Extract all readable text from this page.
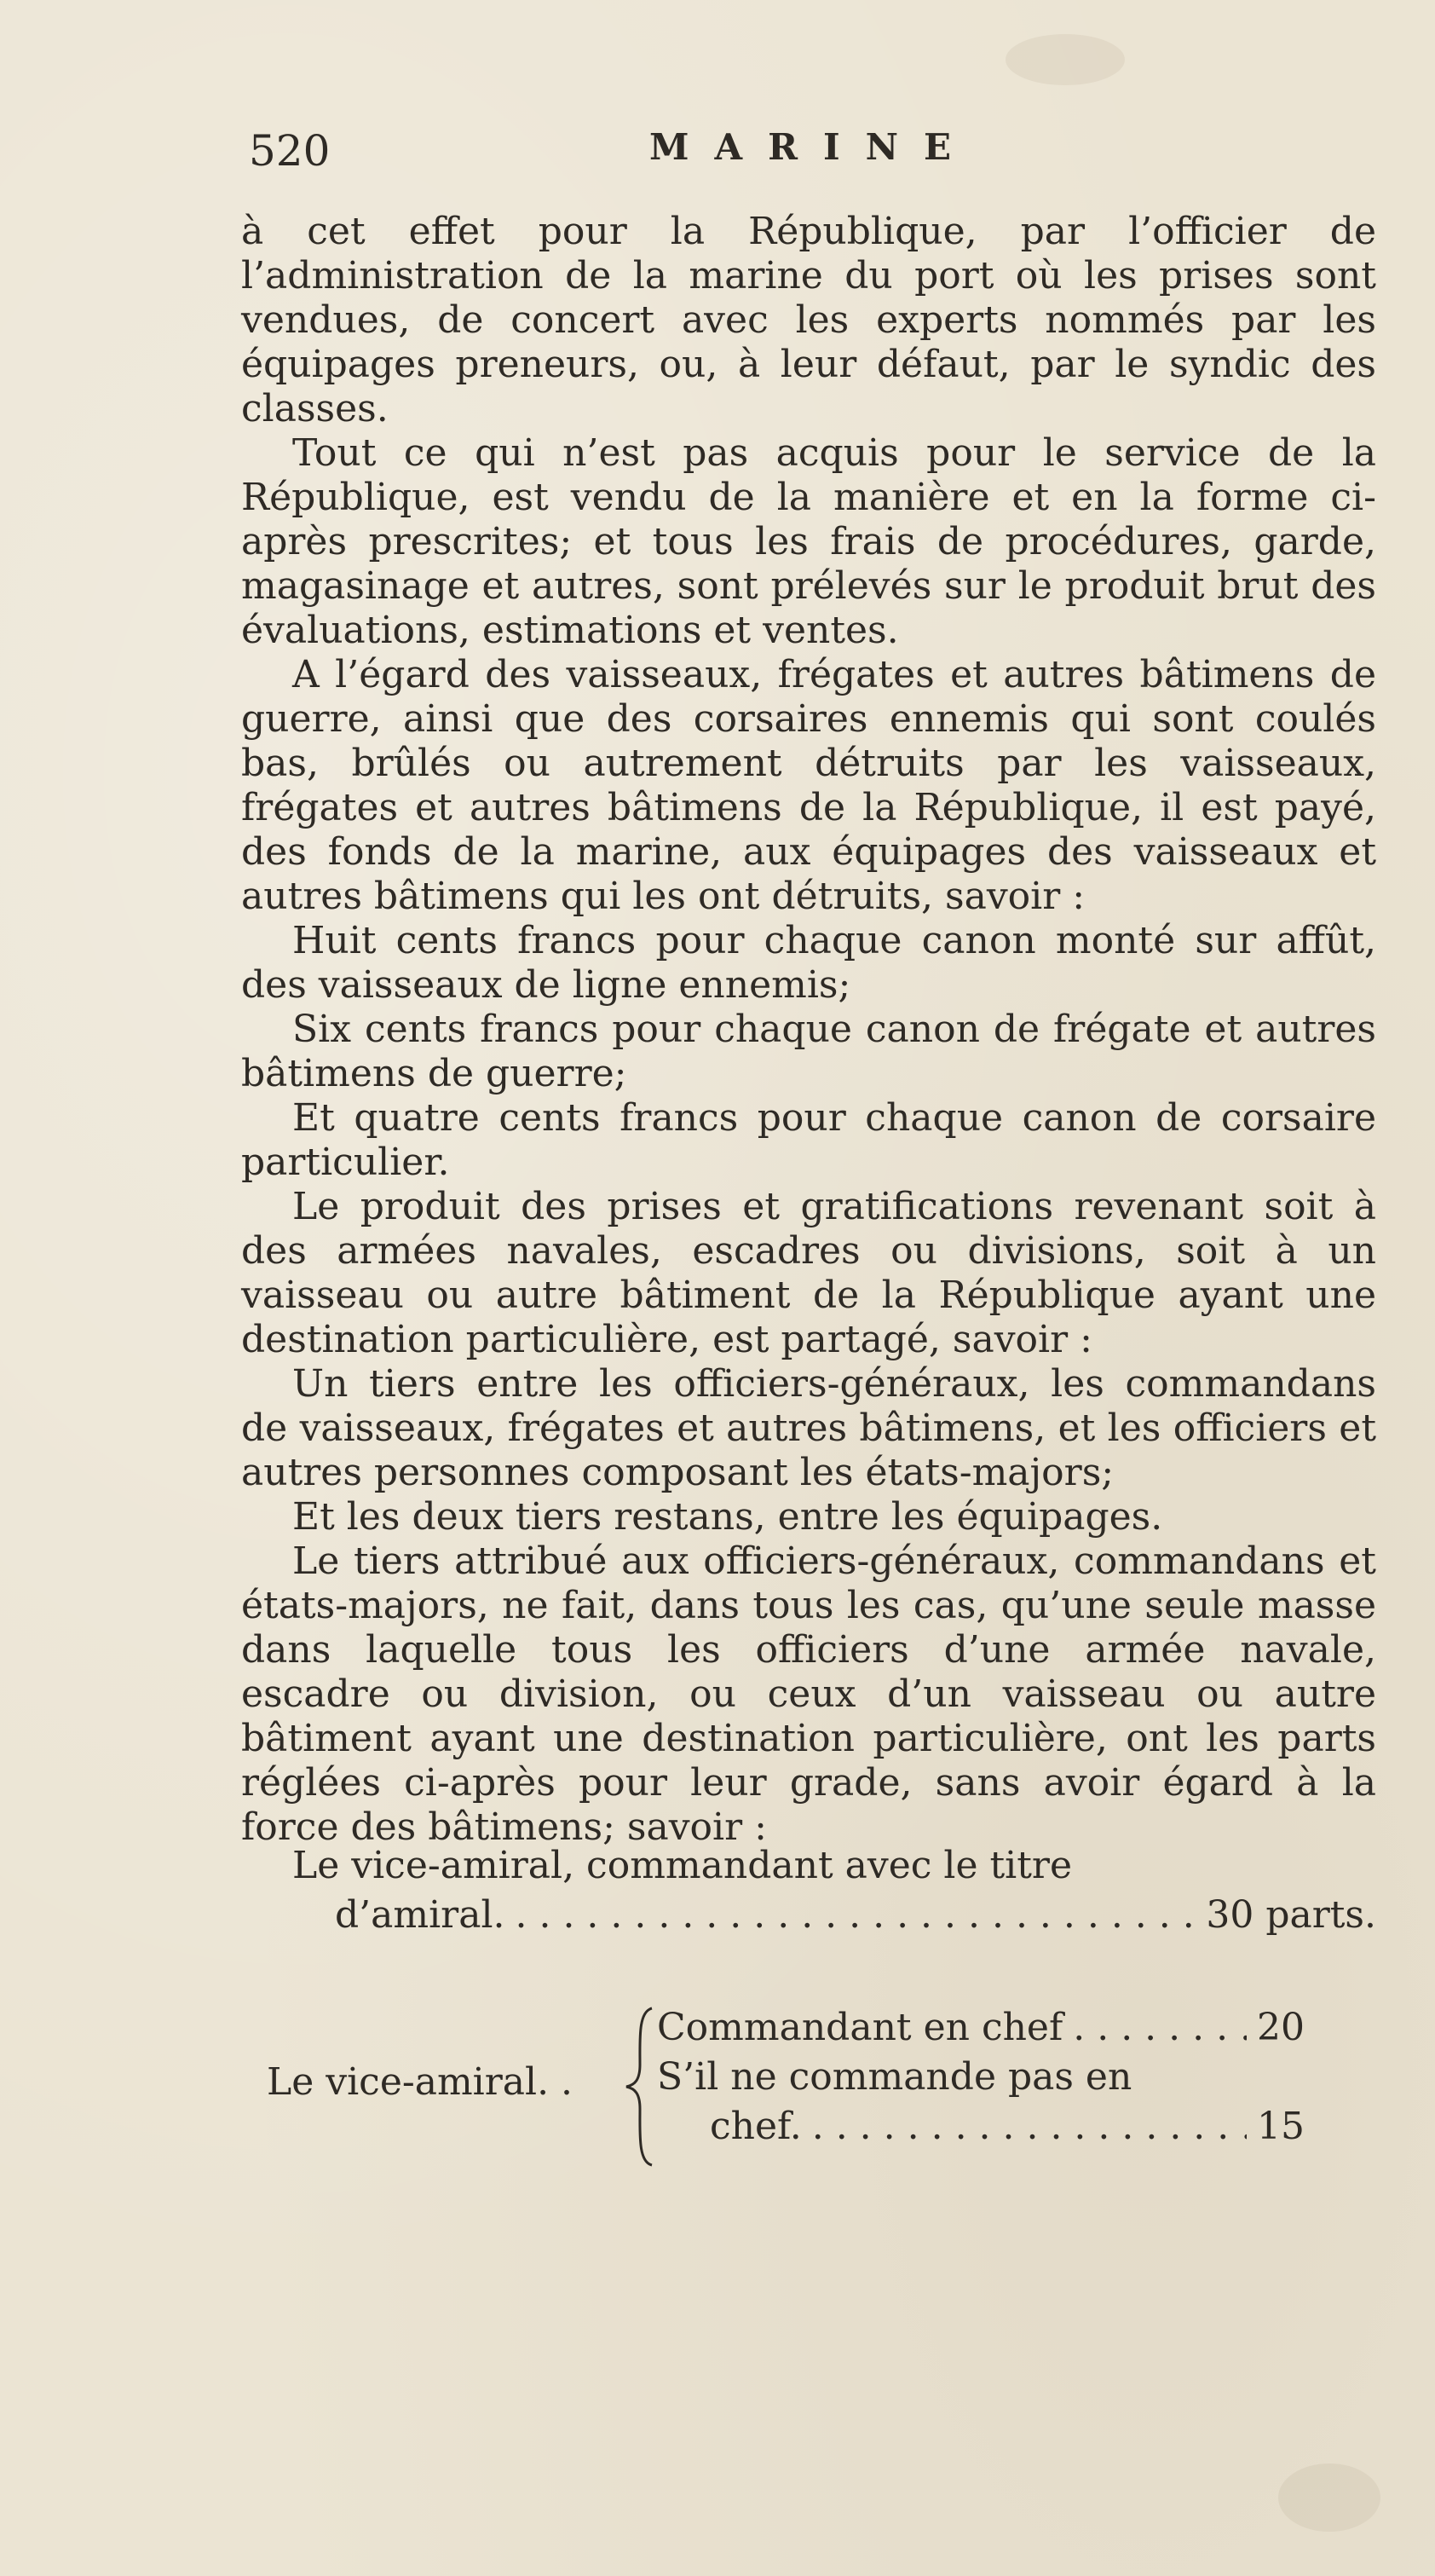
520	MARINE

à cet effet pour la République, par l’officier de l’administration de la marine du port où les prises sont vendues, de concert avec les experts nommés par les équipages preneurs, ou, à leur défaut, par le syndic des classes.

Tout ce qui n’est pas acquis pour le service de la République, est vendu de la manière et en la forme ci-après prescrites; et tous les frais de procédures, garde, magasinage et autres, sont prélevés sur le produit brut des évaluations, estimations et ventes.

A l’égard des vaisseaux, frégates et autres bâtimens de guerre, ainsi que des corsaires ennemis qui sont coulés bas, brûlés ou autrement détruits par les vaisseaux, frégates et autres bâtimens de la République, il est payé, des fonds de la marine, aux équipages des vaisseaux et autres bâtimens qui les ont détruits, savoir :

Huit cents francs pour chaque canon monté sur affût, des vaisseaux de ligne ennemis;

Six cents francs pour chaque canon de frégate et autres bâtimens de guerre;

Et quatre cents francs pour chaque canon de corsaire particulier.

Le produit des prises et gratifications revenant soit à des armées navales, escadres ou divisions, soit à un vaisseau ou autre bâtiment de la République ayant une destination particulière, est partagé, savoir :

Un tiers entre les officiers-généraux, les commandans de vaisseaux, frégates et autres bâtimens, et les officiers et autres personnes composant les états-majors;

Et les deux tiers restans, entre les équipages.

Le tiers attribué aux officiers-généraux, commandans et états-majors, ne fait, dans tous les cas, qu’une seule masse dans laquelle tous les officiers d’une armée navale, escadre ou division, ou ceux d’un vaisseau ou autre bâtiment ayant une destination particulière, ont les parts réglées ci-après pour leur grade, sans avoir égard à la force des bâtimens; savoir :

Le vice-amiral, commandant avec le titre
d’amiral. . . .	30 parts.
Le vice-amiral. .
Commandant en chef . . .	20
S’il ne commande pas en
chef. . . .	15
